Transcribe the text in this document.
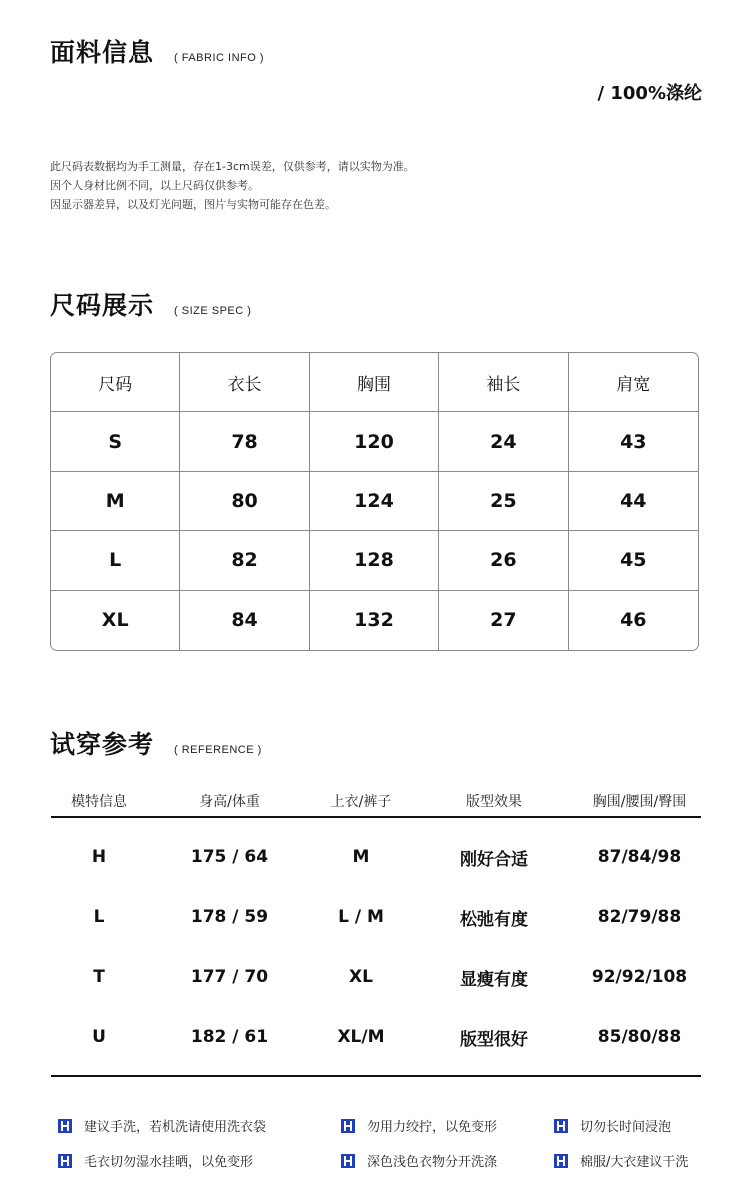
面料信息 ( FABRIC INFO )
/ 100%涤纶
此尺码表数据均为手工测量，存在1-3cm误差，仅供参考，请以实物为准。
因个人身材比例不同，以上尺码仅供参考。
因显示器差异，以及灯光问题，图片与实物可能存在色差。
尺码展示 ( SIZE SPEC )
尺码	衣长	胸围	袖长	肩宽
S	78	120	24	43
M	80	124	25	44
L	82	128	26	45
XL	84	132	27	46
试穿参考 ( REFERENCE )
模特信息	身高/体重	上衣/裤子	版型效果	胸围/腰围/臀围
H	175 / 64	M	刚好合适	87/84/98
L	178 / 59	L / M	松弛有度	82/79/88
T	177 / 70	XL	显瘦有度	92/92/108
U	182 / 61	XL/M	版型很好	85/80/88
建议手洗，若机洗请使用洗衣袋	勿用力绞拧，以免变形	切勿长时间浸泡
毛衣切勿湿水挂晒，以免变形	深色浅色衣物分开洗涤	棉服/大衣建议干洗
